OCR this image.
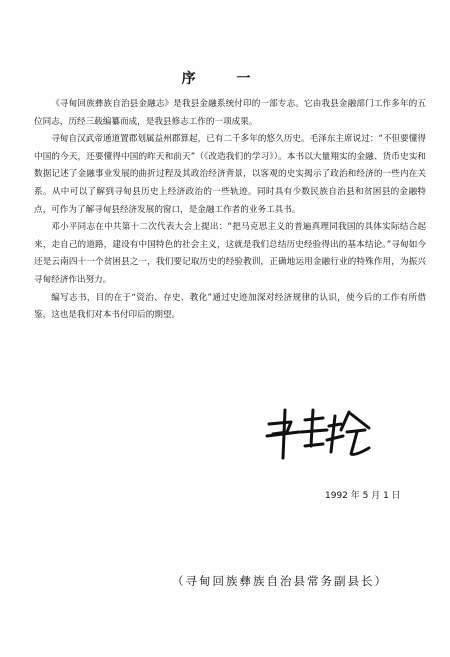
序 一

《寻甸回族彝族自治县金融志》是我县金融系统付印的一部专志。它由我县金融部门工作多年的五位同志，历经三载编纂而成，是我县修志工作的一项成果。

寻甸自汉武帝通道置郡划属益州郡算起，已有二千多年的悠久历史。毛泽东主席说过：“不但要懂得中国的今天，还要懂得中国的昨天和前天”（《改造我们的学习》）。本书以大量翔实的金融、货币史实和数据记述了金融事业发展的曲折过程及其政治经济背景，以客观的史实揭示了政治和经济的一些内在关系。从中可以了解到寻甸县历史上经济政治的一些轨迹。同时具有少数民族自治县和贫困县的金融特点，可作为了解寻甸县经济发展的窗口，是金融工作者的业务工具书。

邓小平同志在中共第十二次代表大会上提出：“把马克思主义的普遍真理同我国的具体实际结合起来，走自己的道路，建设有中国特色的社会主义，这就是我们总结历史经验得出的基本结论。”寻甸如今还是云南四十一个贫困县之一，我们要记取历史的经验教训，正确地运用金融行业的特殊作用，为振兴寻甸经济作出努力。

编写志书，目的在于“资治、存史、教化”通过史迹加深对经济规律的认识，使今后的工作有所借鉴，这也是我们对本书付印后的期望。

1992 年 5 月 1 日
（寻甸回族彝族自治县常务副县长）
